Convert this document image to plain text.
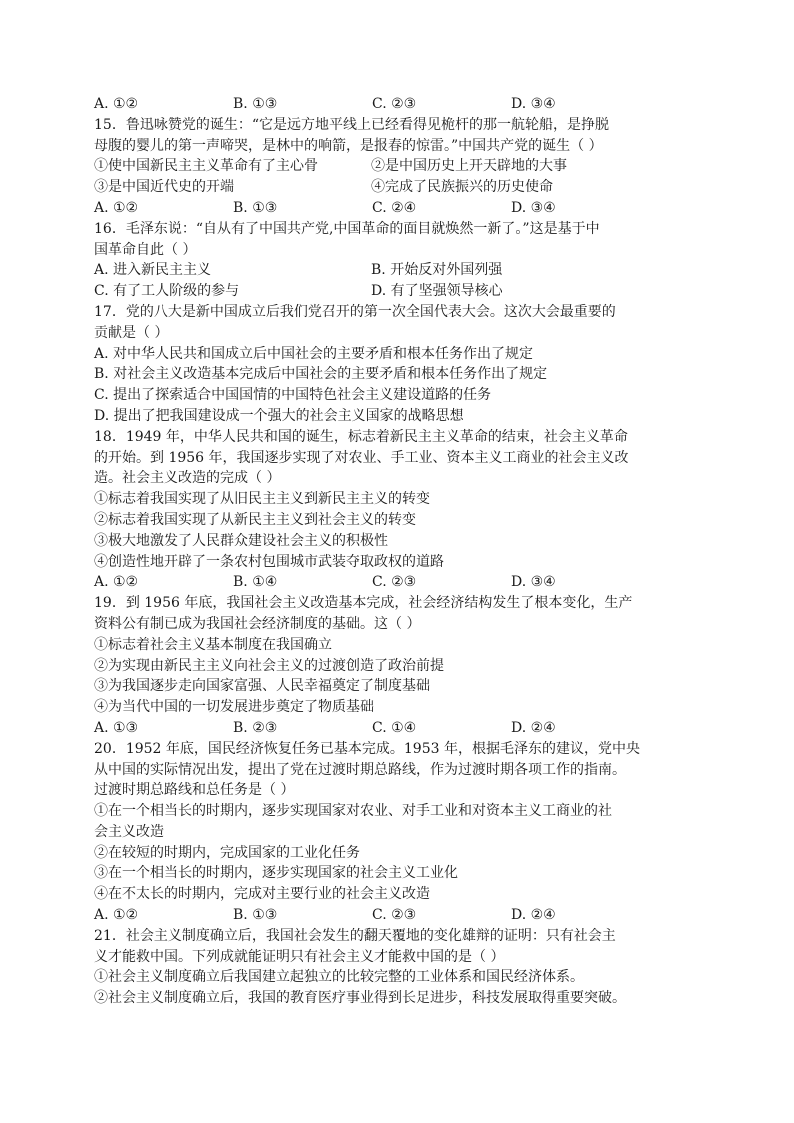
A. ①②	B. ①③	C. ②③	D. ③④
15．鲁迅咏赞党的诞生：“它是远方地平线上已经看得见桅杆的那一航轮船，是挣脱
母腹的婴儿的第一声啼哭，是林中的响箭，是报春的惊雷。”中国共产党的诞生（ ）
①使中国新民主主义革命有了主心骨	②是中国历史上开天辟地的大事
③是中国近代史的开端	④完成了民族振兴的历史使命
A. ①②	B. ①③	C. ②④	D. ③④
16．毛泽东说：“自从有了中国共产党,中国革命的面目就焕然一新了。”这是基于中
国革命自此（ ）
A. 进入新民主主义	B. 开始反对外国列强
C. 有了工人阶级的参与	D. 有了坚强领导核心
17．党的八大是新中国成立后我们党召开的第一次全国代表大会。这次大会最重要的
贡献是（ ）
A. 对中华人民共和国成立后中国社会的主要矛盾和根本任务作出了规定
B. 对社会主义改造基本完成后中国社会的主要矛盾和根本任务作出了规定
C. 提出了探索适合中国国情的中国特色社会主义建设道路的任务
D. 提出了把我国建设成一个强大的社会主义国家的战略思想
18．1949 年，中华人民共和国的诞生，标志着新民主主义革命的结束，社会主义革命
的开始。到 1956 年，我国逐步实现了对农业、手工业、资本主义工商业的社会主义改
造。社会主义改造的完成（ ）
①标志着我国实现了从旧民主主义到新民主主义的转变
②标志着我国实现了从新民主主义到社会主义的转变
③极大地激发了人民群众建设社会主义的积极性
④创造性地开辟了一条农村包围城市武装夺取政权的道路
A. ①②	B. ①④	C. ②③	D. ③④
19．到 1956 年底，我国社会主义改造基本完成，社会经济结构发生了根本变化，生产
资料公有制已成为我国社会经济制度的基础。这（ ）
①标志着社会主义基本制度在我国确立
②为实现由新民主主义向社会主义的过渡创造了政治前提
③为我国逐步走向国家富强、人民幸福奠定了制度基础
④为当代中国的一切发展进步奠定了物质基础
A. ①③	B. ②③	C. ①④	D. ②④
20．1952 年底，国民经济恢复任务已基本完成。1953 年，根据毛泽东的建议，党中央
从中国的实际情况出发，提出了党在过渡时期总路线，作为过渡时期各项工作的指南。
过渡时期总路线和总任务是（ ）
①在一个相当长的时期内，逐步实现国家对农业、对手工业和对资本主义工商业的社
会主义改造
②在较短的时期内，完成国家的工业化任务
③在一个相当长的时期内，逐步实现国家的社会主义工业化
④在不太长的时期内，完成对主要行业的社会主义改造
A. ①②	B. ①③	C. ②③	D. ②④
21．社会主义制度确立后，我国社会发生的翻天覆地的变化雄辩的证明：只有社会主
义才能救中国。下列成就能证明只有社会主义才能救中国的是（ ）
①社会主义制度确立后我国建立起独立的比较完整的工业体系和国民经济体系。
②社会主义制度确立后，我国的教育医疗事业得到长足进步，科技发展取得重要突破。
